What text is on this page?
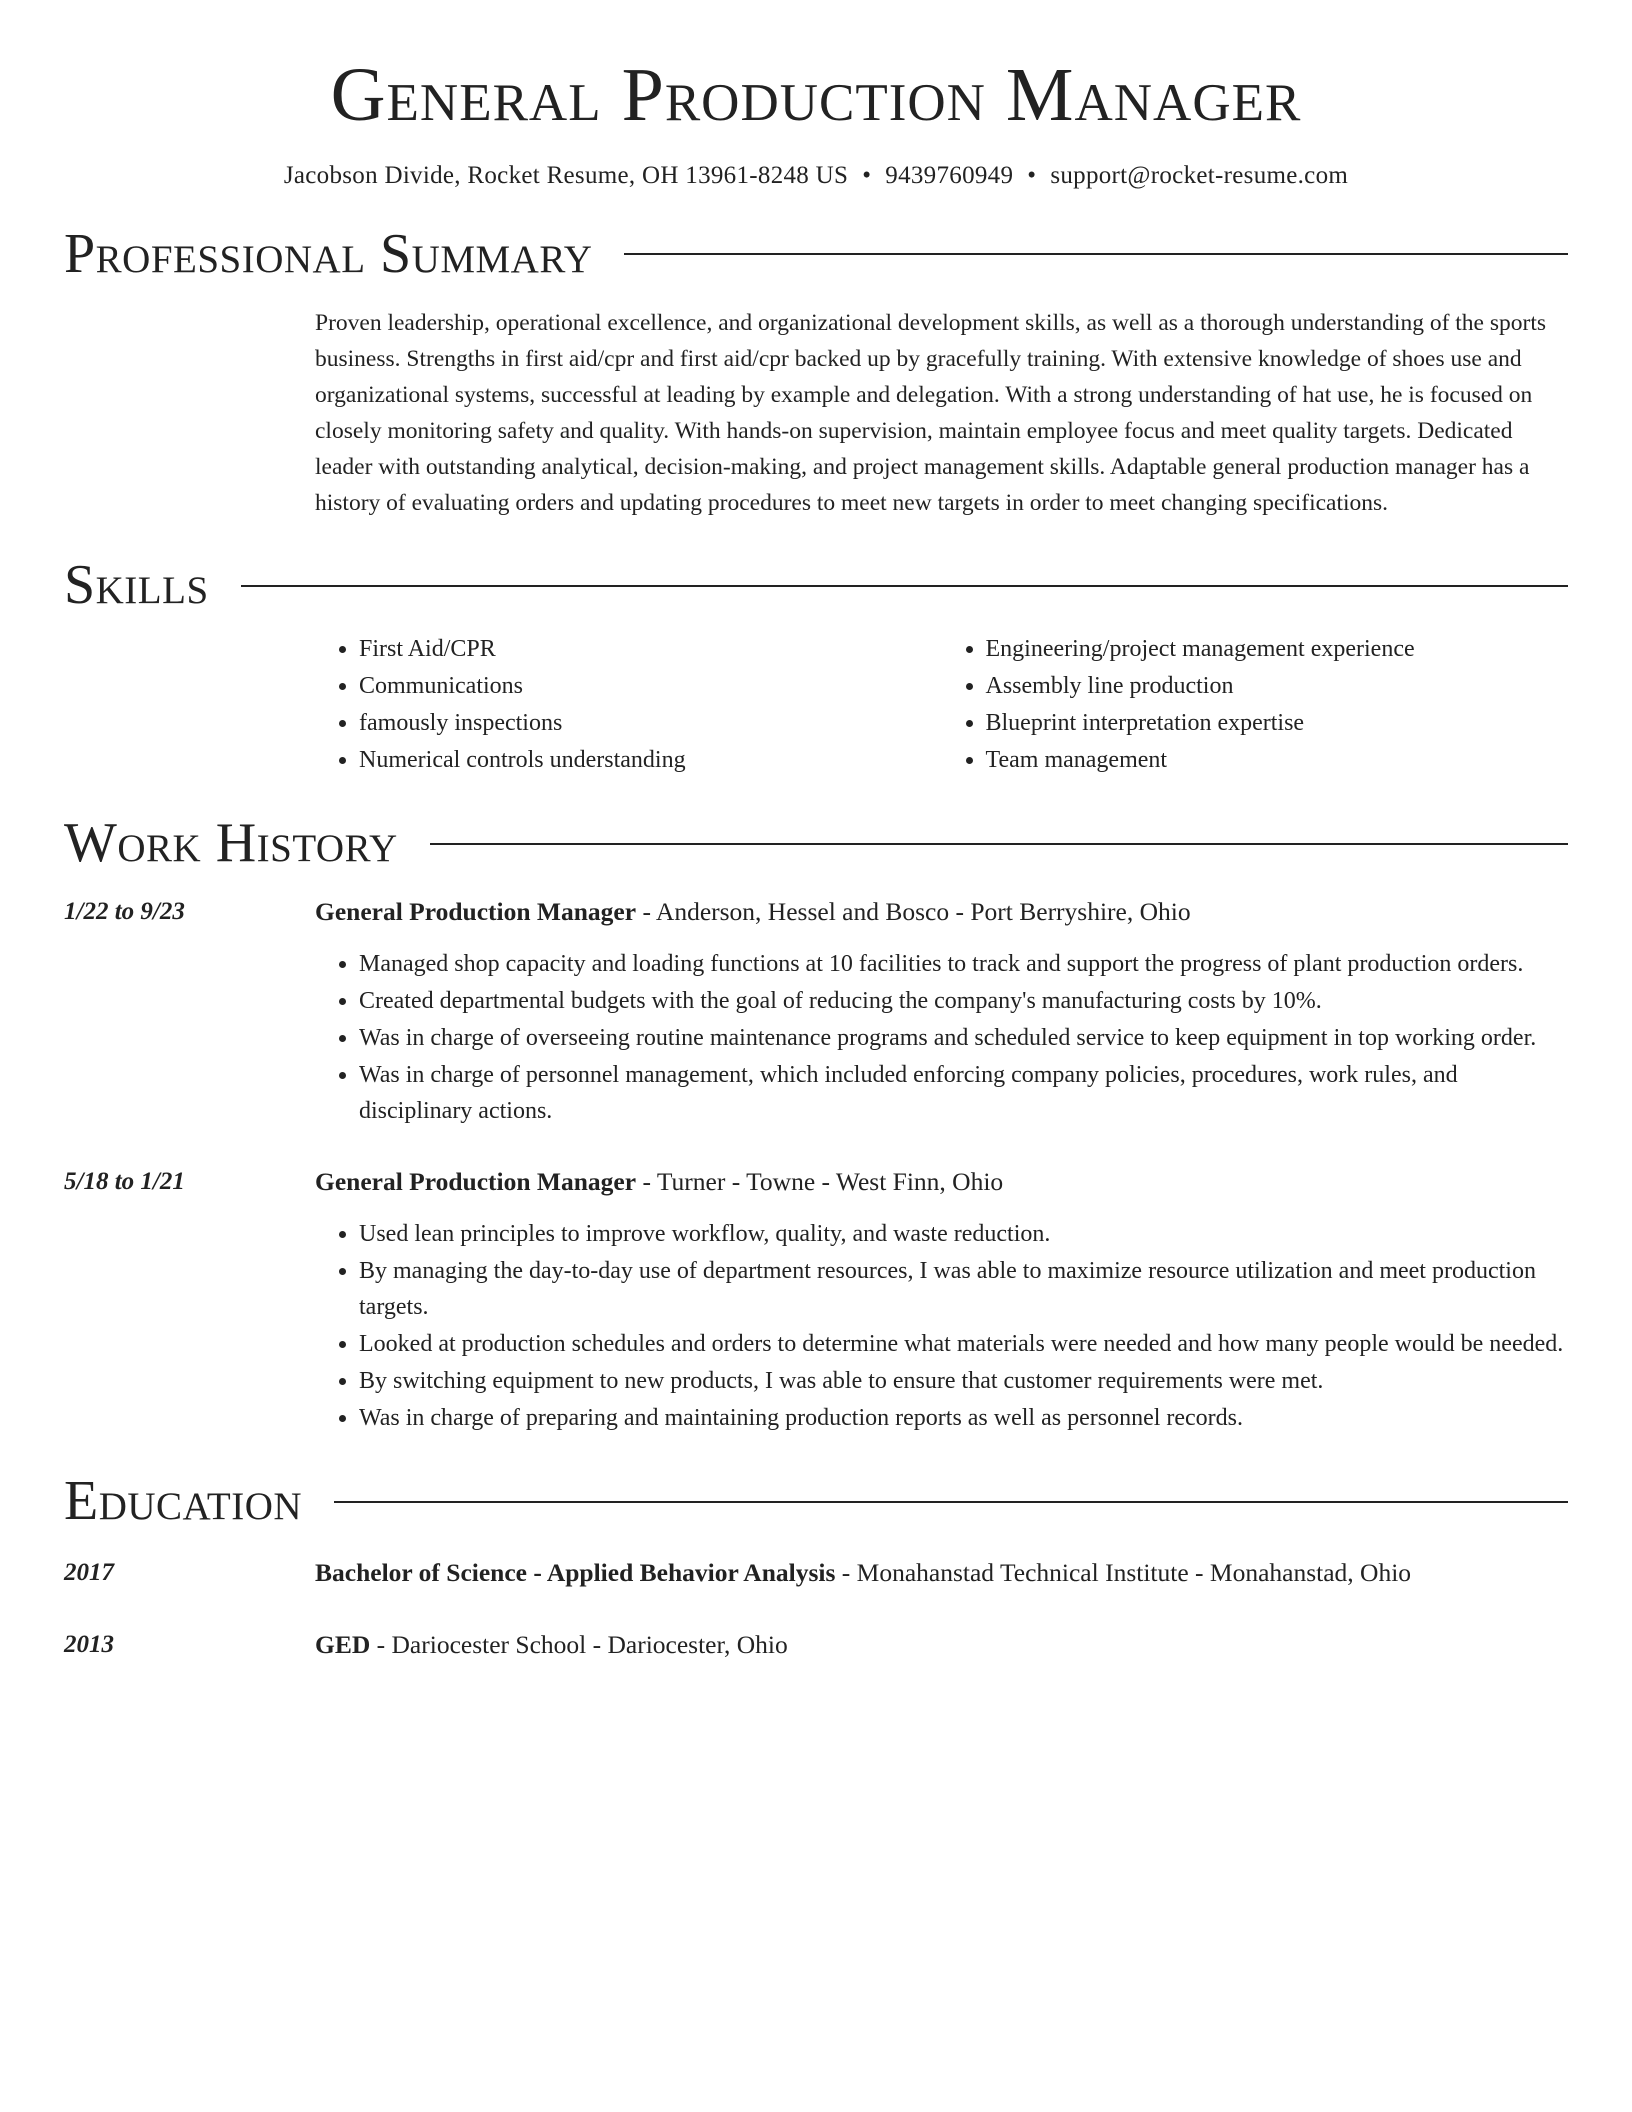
General Production Manager
Jacobson Divide, Rocket Resume, OH 13961-8248 US • 9439760949 • support@rocket-resume.com
Professional Summary
Proven leadership, operational excellence, and organizational development skills, as well as a thorough understanding of the sports business. Strengths in first aid/cpr and first aid/cpr backed up by gracefully training. With extensive knowledge of shoes use and organizational systems, successful at leading by example and delegation. With a strong understanding of hat use, he is focused on closely monitoring safety and quality. With hands-on supervision, maintain employee focus and meet quality targets. Dedicated leader with outstanding analytical, decision-making, and project management skills. Adaptable general production manager has a history of evaluating orders and updating procedures to meet new targets in order to meet changing specifications.
Skills
• First Aid/CPR
• Communications
• famously inspections
• Numerical controls understanding
• Engineering/project management experience
• Assembly line production
• Blueprint interpretation expertise
• Team management
Work History
1/22 to 9/23	General Production Manager - Anderson, Hessel and Bosco - Port Berryshire, Ohio
• Managed shop capacity and loading functions at 10 facilities to track and support the progress of plant production orders.
• Created departmental budgets with the goal of reducing the company's manufacturing costs by 10%.
• Was in charge of overseeing routine maintenance programs and scheduled service to keep equipment in top working order.
• Was in charge of personnel management, which included enforcing company policies, procedures, work rules, and disciplinary actions.
5/18 to 1/21	General Production Manager - Turner - Towne - West Finn, Ohio
• Used lean principles to improve workflow, quality, and waste reduction.
• By managing the day-to-day use of department resources, I was able to maximize resource utilization and meet production targets.
• Looked at production schedules and orders to determine what materials were needed and how many people would be needed.
• By switching equipment to new products, I was able to ensure that customer requirements were met.
• Was in charge of preparing and maintaining production reports as well as personnel records.
Education
2017	Bachelor of Science - Applied Behavior Analysis - Monahanstad Technical Institute - Monahanstad, Ohio
2013	GED - Dariocester School - Dariocester, Ohio
